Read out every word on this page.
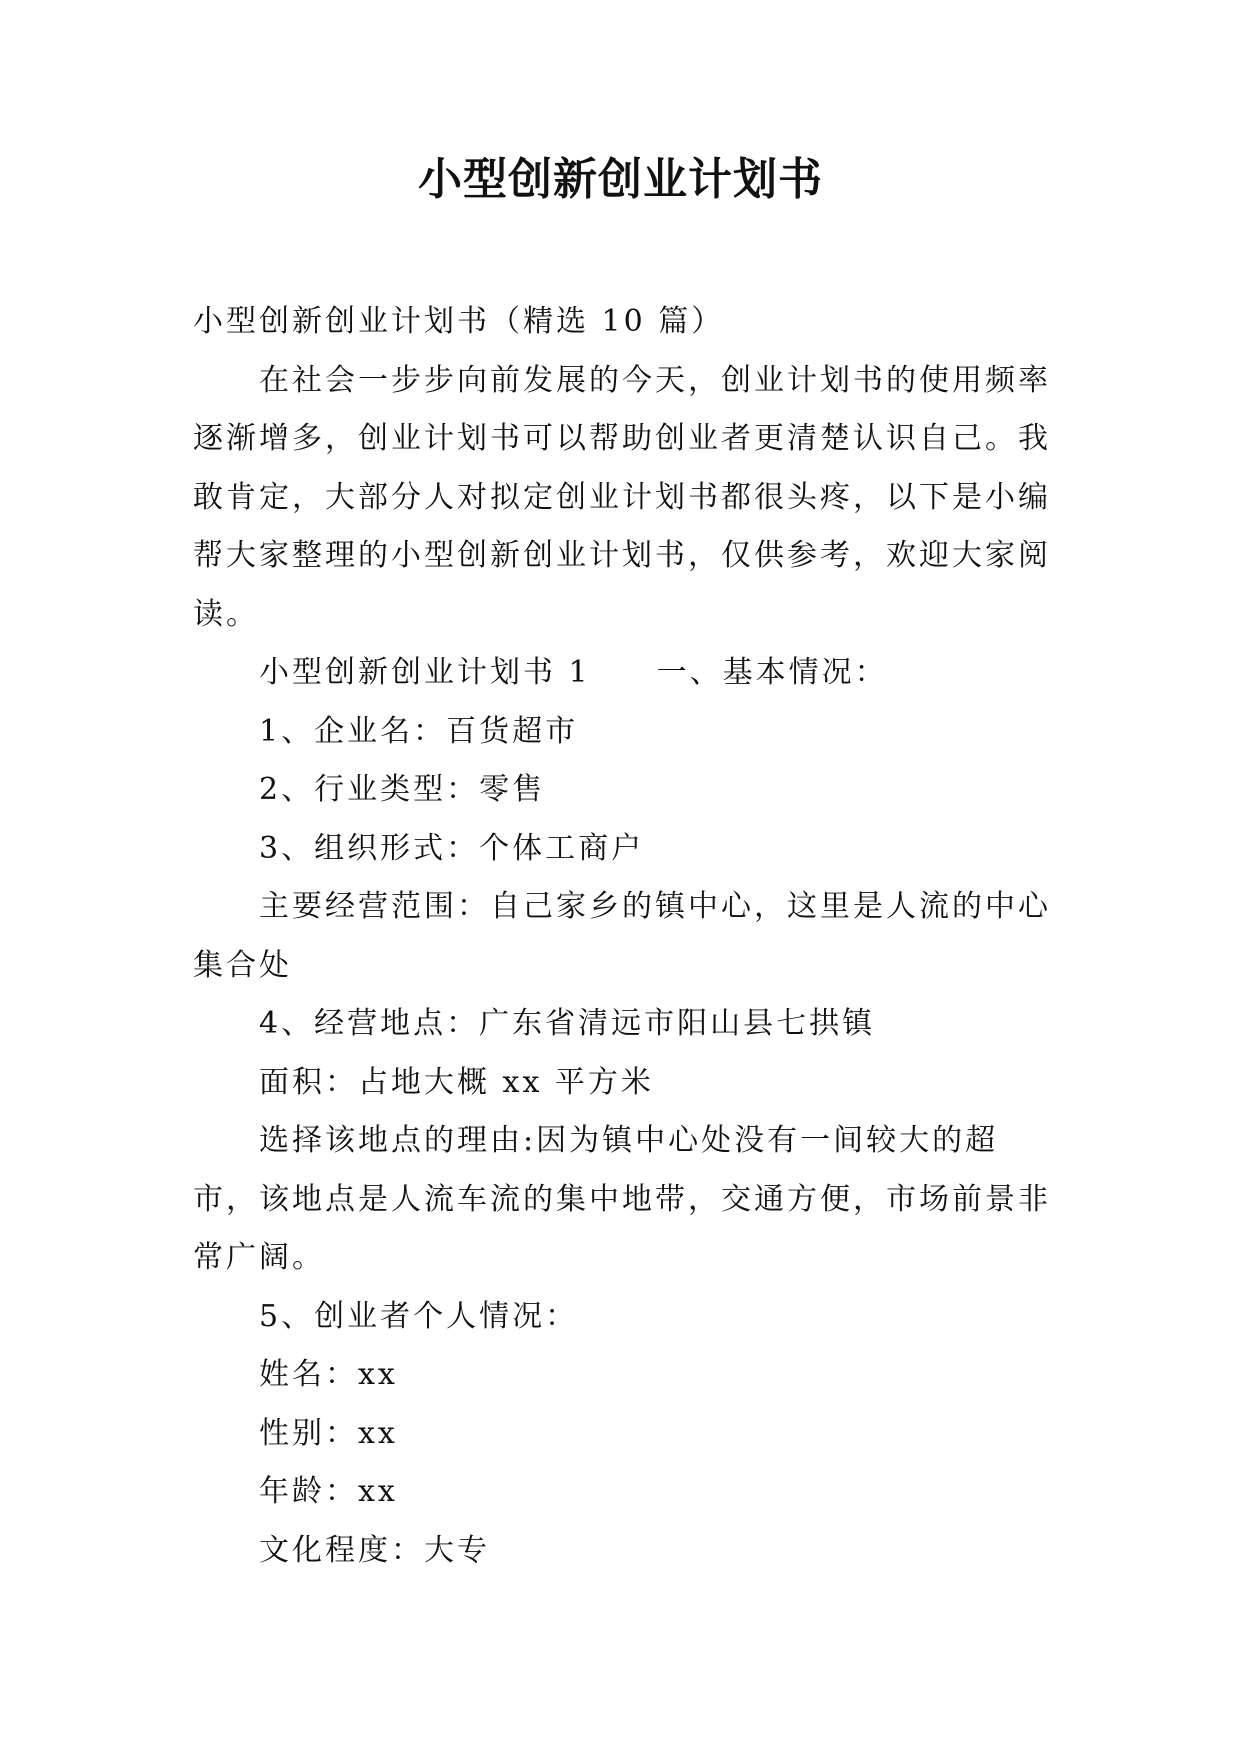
小型创新创业计划书

小型创新创业计划书（精选 10 篇）

在社会一步步向前发展的今天，创业计划书的使用频率逐渐增多，创业计划书可以帮助创业者更清楚认识自己。我敢肯定，大部分人对拟定创业计划书都很头疼，以下是小编帮大家整理的小型创新创业计划书，仅供参考，欢迎大家阅读。

小型创新创业计划书 1　　一、基本情况：

1、企业名：百货超市

2、行业类型：零售

3、组织形式：个体工商户

主要经营范围：自己家乡的镇中心，这里是人流的中心集合处

4、经营地点：广东省清远市阳山县七拱镇

面积：占地大概 xx 平方米

选择该地点的理由:因为镇中心处没有一间较大的超市，该地点是人流车流的集中地带，交通方便，市场前景非常广阔。

5、创业者个人情况：

姓名：xx

性别：xx

年龄：xx

文化程度：大专
